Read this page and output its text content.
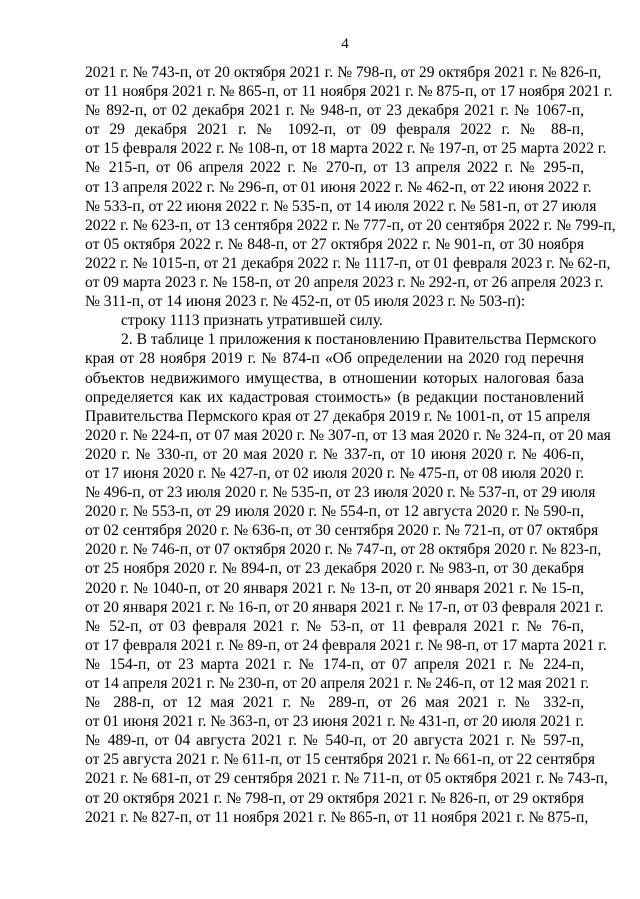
4
2021 г. № 743-п, от 20 октября 2021 г. № 798-п, от 29 октября 2021 г. № 826-п,
от 11 ноября 2021 г. № 865-п, от 11 ноября 2021 г. № 875-п, от 17 ноября 2021 г.
№ 892-п, от 02 декабря 2021 г. № 948-п, от 23 декабря 2021 г. № 1067-п,
от 29 декабря 2021 г. № 1092-п, от 09 февраля 2022 г. № 88-п,
от 15 февраля 2022 г. № 108-п, от 18 марта 2022 г. № 197-п, от 25 марта 2022 г.
№ 215-п, от 06 апреля 2022 г. № 270-п, от 13 апреля 2022 г. № 295-п,
от 13 апреля 2022 г. № 296-п, от 01 июня 2022 г. № 462-п, от 22 июня 2022 г.
№ 533-п, от 22 июня 2022 г. № 535-п, от 14 июля 2022 г. № 581-п, от 27 июля
2022 г. № 623-п, от 13 сентября 2022 г. № 777-п, от 20 сентября 2022 г. № 799-п,
от 05 октября 2022 г. № 848-п, от 27 октября 2022 г. № 901-п, от 30 ноября
2022 г. № 1015-п, от 21 декабря 2022 г. № 1117-п, от 01 февраля 2023 г. № 62-п,
от 09 марта 2023 г. № 158-п, от 20 апреля 2023 г. № 292-п, от 26 апреля 2023 г.
№ 311-п, от 14 июня 2023 г. № 452-п, от 05 июля 2023 г. № 503-п):
строку 1113 признать утратившей силу.
2. В таблице 1 приложения к постановлению Правительства Пермского
края от 28 ноября 2019 г. № 874-п «Об определении на 2020 год перечня
объектов недвижимого имущества, в отношении которых налоговая база
определяется как их кадастровая стоимость» (в редакции постановлений
Правительства Пермского края от 27 декабря 2019 г. № 1001-п, от 15 апреля
2020 г. № 224-п, от 07 мая 2020 г. № 307-п, от 13 мая 2020 г. № 324-п, от 20 мая
2020 г. № 330-п, от 20 мая 2020 г. № 337-п, от 10 июня 2020 г. № 406-п,
от 17 июня 2020 г. № 427-п, от 02 июля 2020 г. № 475-п, от 08 июля 2020 г.
№ 496-п, от 23 июля 2020 г. № 535-п, от 23 июля 2020 г. № 537-п, от 29 июля
2020 г. № 553-п, от 29 июля 2020 г. № 554-п, от 12 августа 2020 г. № 590-п,
от 02 сентября 2020 г. № 636-п, от 30 сентября 2020 г. № 721-п, от 07 октября
2020 г. № 746-п, от 07 октября 2020 г. № 747-п, от 28 октября 2020 г. № 823-п,
от 25 ноября 2020 г. № 894-п, от 23 декабря 2020 г. № 983-п, от 30 декабря
2020 г. № 1040-п, от 20 января 2021 г. № 13-п, от 20 января 2021 г. № 15-п,
от 20 января 2021 г. № 16-п, от 20 января 2021 г. № 17-п, от 03 февраля 2021 г.
№ 52-п, от 03 февраля 2021 г. № 53-п, от 11 февраля 2021 г. № 76-п,
от 17 февраля 2021 г. № 89-п, от 24 февраля 2021 г. № 98-п, от 17 марта 2021 г.
№ 154-п, от 23 марта 2021 г. № 174-п, от 07 апреля 2021 г. № 224-п,
от 14 апреля 2021 г. № 230-п, от 20 апреля 2021 г. № 246-п, от 12 мая 2021 г.
№ 288-п, от 12 мая 2021 г. № 289-п, от 26 мая 2021 г. № 332-п,
от 01 июня 2021 г. № 363-п, от 23 июня 2021 г. № 431-п, от 20 июля 2021 г.
№ 489-п, от 04 августа 2021 г. № 540-п, от 20 августа 2021 г. № 597-п,
от 25 августа 2021 г. № 611-п, от 15 сентября 2021 г. № 661-п, от 22 сентября
2021 г. № 681-п, от 29 сентября 2021 г. № 711-п, от 05 октября 2021 г. № 743-п,
от 20 октября 2021 г. № 798-п, от 29 октября 2021 г. № 826-п, от 29 октября
2021 г. № 827-п, от 11 ноября 2021 г. № 865-п, от 11 ноября 2021 г. № 875-п,
